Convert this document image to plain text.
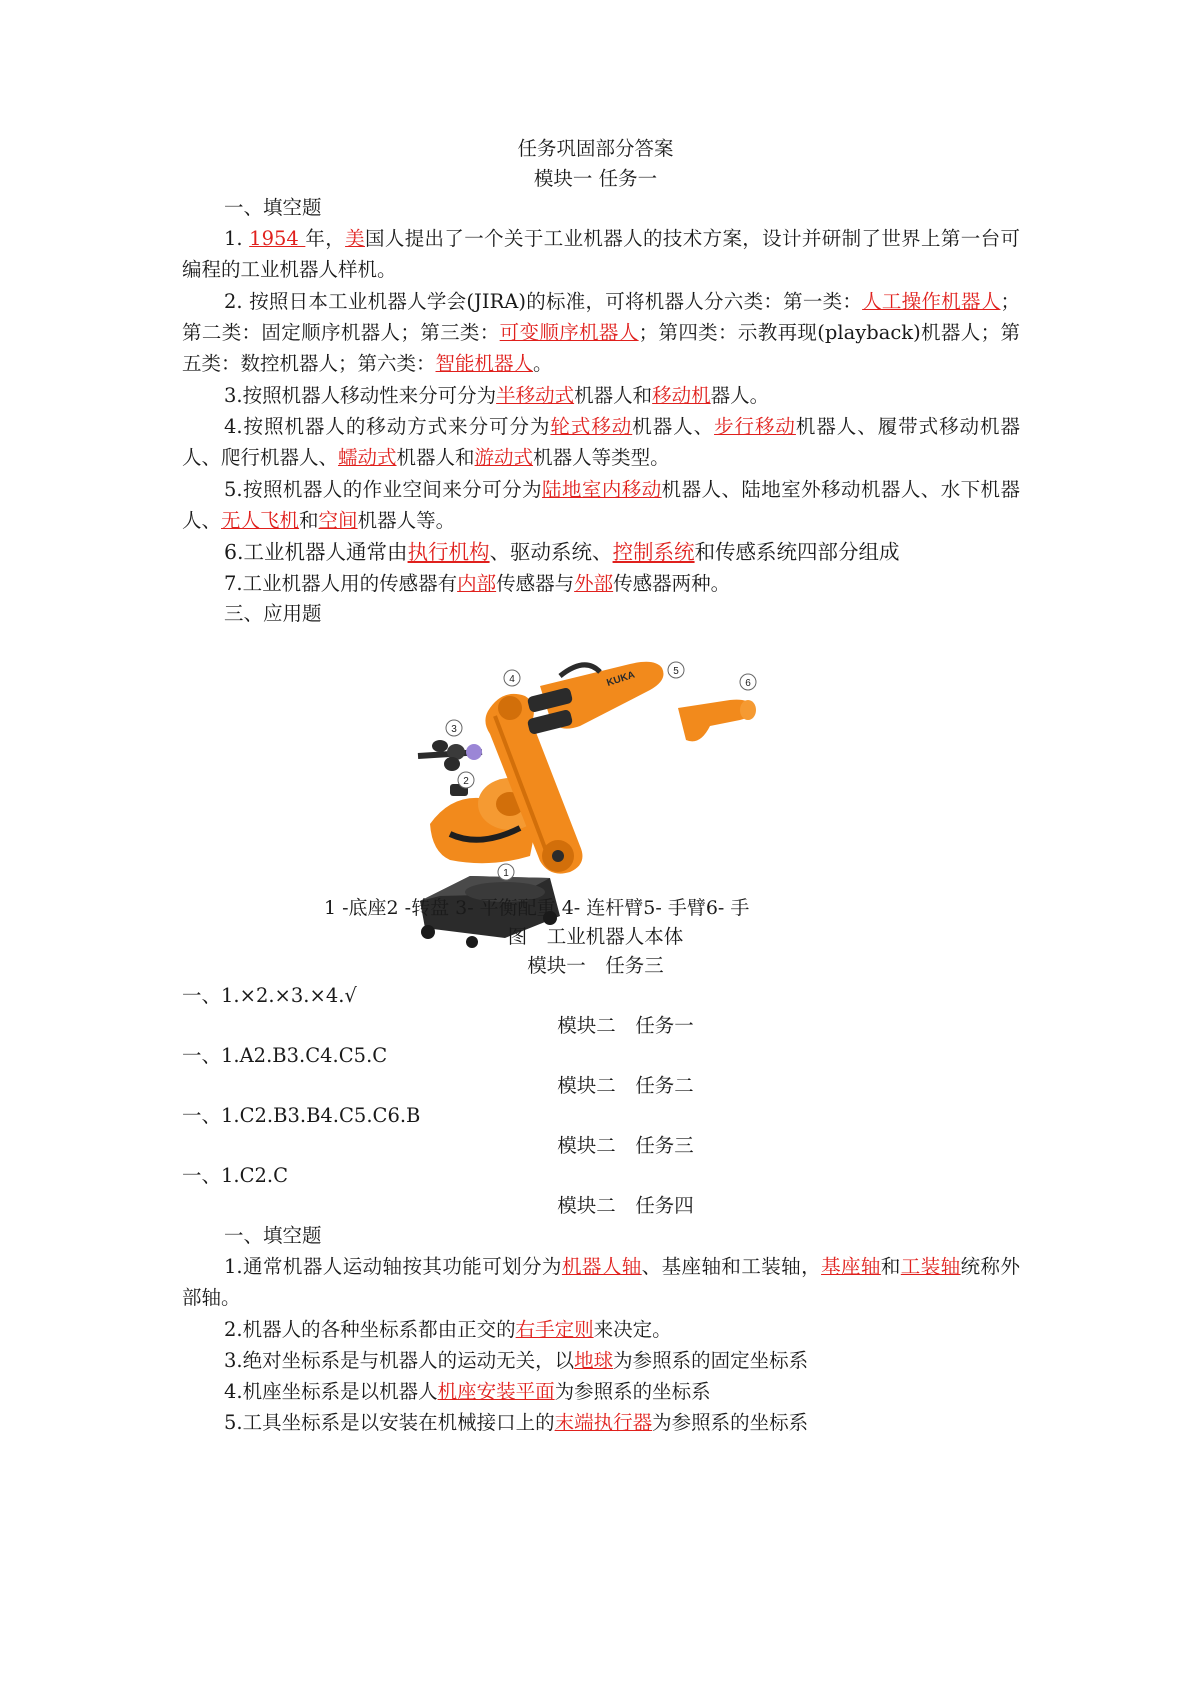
任务巩固部分答案
模块一 任务一
一、填空题
1. 1954 年，美国人提出了一个关于工业机器人的技术方案，设计并研制了世界上第一台可编程的工业机器人样机。
2. 按照日本工业机器人学会(JIRA)的标准，可将机器人分六类：第一类：人工操作机器人；第二类：固定顺序机器人；第三类：可变顺序机器人；第四类：示教再现(playback)机器人；第五类：数控机器人；第六类：智能机器人。
3.按照机器人移动性来分可分为半移动式机器人和移动机器人。
4.按照机器人的移动方式来分可分为轮式移动机器人、步行移动机器人、履带式移动机器人、爬行机器人、蠕动式机器人和游动式机器人等类型。
5.按照机器人的作业空间来分可分为陆地室内移动机器人、陆地室外移动机器人、水下机器人、无人飞机和空间机器人等。
6.工业机器人通常由执行机构、驱动系统、控制系统和传感系统四部分组成
7.工业机器人用的传感器有内部传感器与外部传感器两种。
三、应用题
KUKA
1
2
3
4
5
6
1 -底座2 -转盘 3- 平衡配重 4- 连杆臂5- 手臂6- 手
图　工业机器人本体
模块一　任务三
一、1.×2.×3.×4.√
模块二　任务一
一、1.A2.B3.C4.C5.C
模块二　任务二
一、1.C2.B3.B4.C5.C6.B
模块二　任务三
一、1.C2.C
模块二　任务四
一、填空题
1.通常机器人运动轴按其功能可划分为机器人轴、基座轴和工装轴，基座轴和工装轴统称外部轴。
2.机器人的各种坐标系都由正交的右手定则来决定。
3.绝对坐标系是与机器人的运动无关，以地球为参照系的固定坐标系
4.机座坐标系是以机器人机座安装平面为参照系的坐标系
5.工具坐标系是以安装在机械接口上的末端执行器为参照系的坐标系
